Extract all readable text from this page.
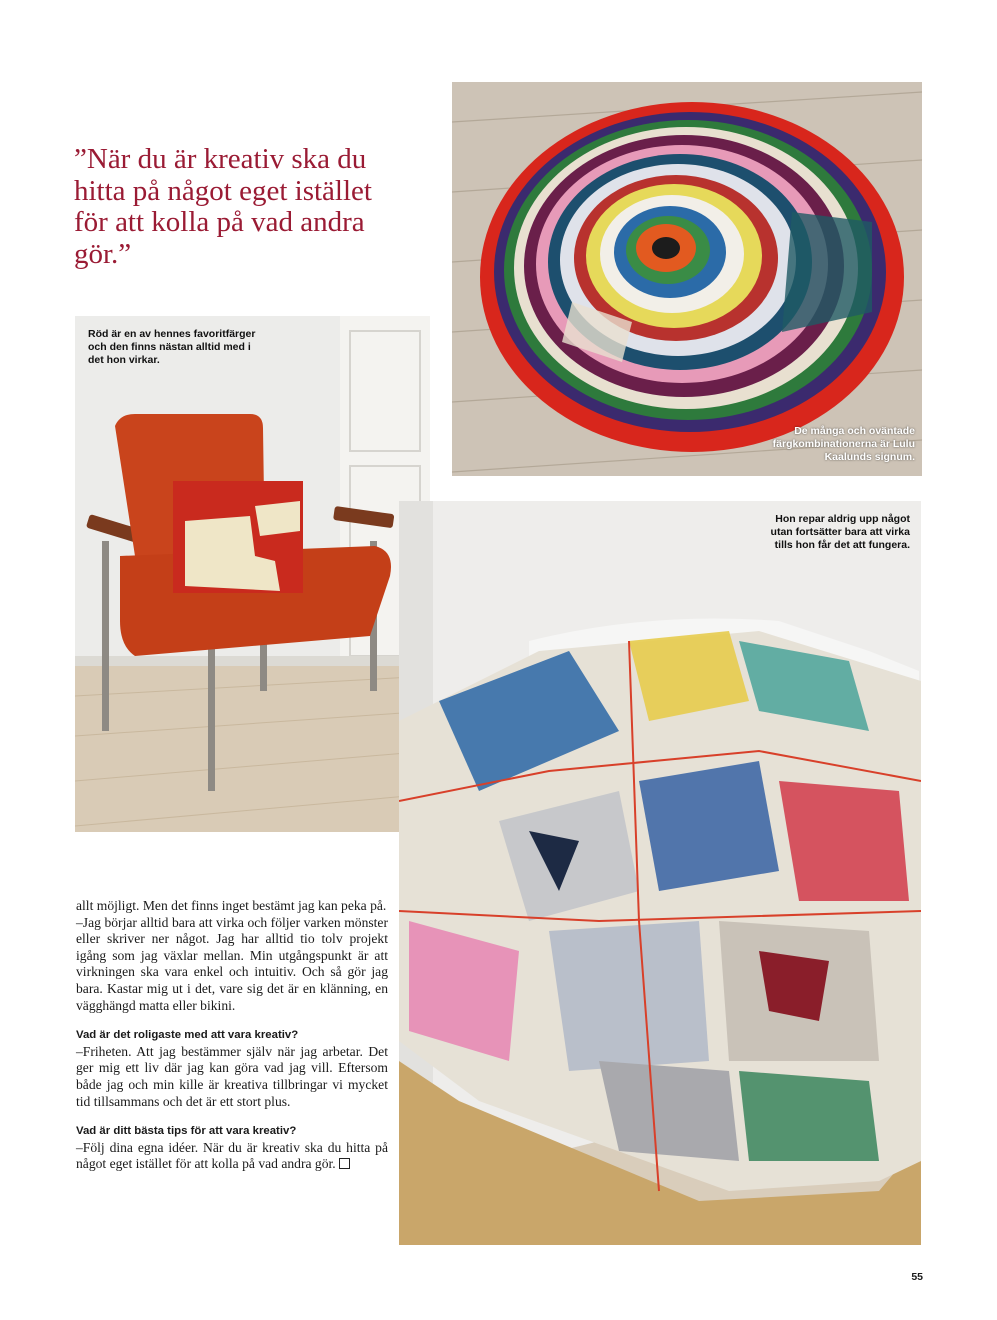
”När du är kreativ ska du hitta på något eget istället för att kolla på vad andra gör.”

De många och oväntade färgkombinationerna är Lulu Kaalunds signum.

Röd är en av hennes favoritfärger och den finns nästan alltid med i det hon virkar.

Hon repar aldrig upp något utan fortsätter bara att virka tills hon får det att fungera.

allt möjligt. Men det finns inget bestämt jag kan peka på.

–Jag börjar alltid bara att virka och följer varken mönster eller skriver ner något. Jag har alltid tio tolv projekt igång som jag växlar mellan. Min utgångspunkt är att virkningen ska vara enkel och intuitiv. Och så gör jag bara. Kastar mig ut i det, vare sig det är en klänning, en vägghängd matta eller bikini.

Vad är det roligaste med att vara kreativ?

–Friheten. Att jag bestämmer själv när jag arbetar. Det ger mig ett liv där jag kan göra vad jag vill. Eftersom både jag och min kille är kreativa tillbringar vi mycket tid tillsammans och det är ett stort plus.

Vad är ditt bästa tips för att vara kreativ?

–Följ dina egna idéer. När du är kreativ ska du hitta på något eget istället för att kolla på vad andra gör.

55
